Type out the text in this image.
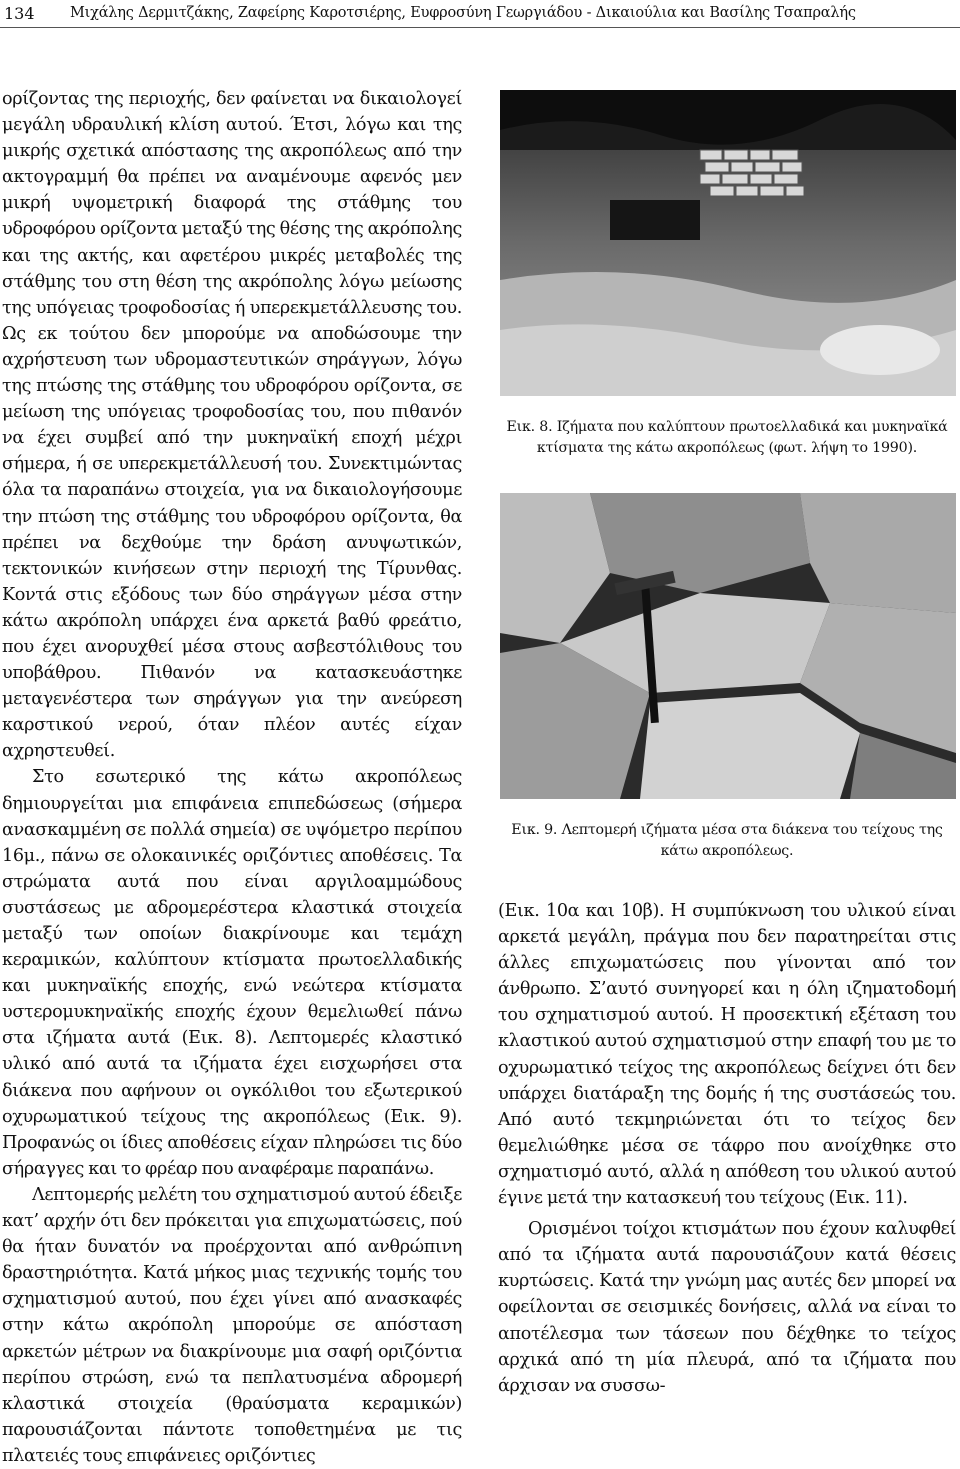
134 Μιχάλης Δερμιτζάκης, Ζαφείρης Καροτσιέρης, Ευφροσύνη Γεωργιάδου - Δικαιούλια και Βασίλης Τσαπραλής

ορίζοντας της περιοχής, δεν φαίνεται να δικαιολογεί μεγάλη υδραυλική κλίση αυτού. Έτσι, λόγω και της μικρής σχετικά απόστασης της ακροπόλεως από την ακτογραμμή θα πρέπει να αναμένουμε αφενός μεν μικρή υψομετρική διαφορά της στάθμης του υδροφόρου ορίζοντα μεταξύ της θέσης της ακρόπολης και της ακτής, και αφετέρου μικρές μεταβολές της στάθμης του στη θέση της ακρόπολης λόγω μείωσης της υπόγειας τροφοδοσίας ή υπερεκμετάλλευσης του. Ως εκ τούτου δεν μπορούμε να αποδώσουμε την αχρήστευση των υδρομαστευτικών σηράγγων, λόγω της πτώσης της στάθμης του υδροφόρου ορίζοντα, σε μείωση της υπόγειας τροφοδοσίας του, που πιθανόν να έχει συμβεί από την μυκηναϊκή εποχή μέχρι σήμερα, ή σε υπερεκμετάλλευσή του. Συνεκτιμώντας όλα τα παραπάνω στοιχεία, για να δικαιολογήσουμε την πτώση της στάθμης του υδροφόρου ορίζοντα, θα πρέπει να δεχθούμε την δράση ανυψωτικών, τεκτονικών κινήσεων στην περιοχή της Τίρυνθας. Κοντά στις εξόδους των δύο σηράγγων μέσα στην κάτω ακρόπολη υπάρχει ένα αρκετά βαθύ φρεάτιο, που έχει ανορυχθεί μέσα στους ασβεστόλιθους του υποβάθρου. Πιθανόν να κατασκευάστηκε μεταγενέστερα των σηράγγων για την ανεύρεση καρστικού νερού, όταν πλέον αυτές είχαν αχρηστευθεί.

Στο εσωτερικό της κάτω ακροπόλεως δημιουργείται μια επιφάνεια επιπεδώσεως (σήμερα ανασκαμμένη σε πολλά σημεία) σε υψόμετρο περίπου 16μ., πάνω σε ολοκαινικές οριζόντιες αποθέσεις. Τα στρώματα αυτά που είναι αργιλοαμμώδους συστάσεως με αδρομερέστερα κλαστικά στοιχεία μεταξύ των οποίων διακρίνουμε και τεμάχη κεραμικών, καλύπτουν κτίσματα πρωτοελλαδικής και μυκηναϊκής εποχής, ενώ νεώτερα κτίσματα υστερομυκηναϊκής εποχής έχουν θεμελιωθεί πάνω στα ιζήματα αυτά (Εικ. 8). Λεπτομερές κλαστικό υλικό από αυτά τα ιζήματα έχει εισχωρήσει στα διάκενα που αφήνουν οι ογκόλιθοι του εξωτερικού οχυρωματικού τείχους της ακροπόλεως (Εικ. 9). Προφανώς οι ίδιες αποθέσεις είχαν πληρώσει τις δύο σήραγγες και το φρέαρ που αναφέραμε παραπάνω.

Λεπτομερής μελέτη του σχηματισμού αυτού έδειξε κατ’ αρχήν ότι δεν πρόκειται για επιχωματώσεις, πού θα ήταν δυνατόν να προέρχονται από ανθρώπινη δραστηριότητα. Κατά μήκος μιας τεχνικής τομής του σχηματισμού αυτού, που έχει γίνει από ανασκαφές στην κάτω ακρόπολη μπορούμε σε απόσταση αρκετών μέτρων να διακρίνουμε μια σαφή οριζόντια περίπου στρώση, ενώ τα πεπλατυσμένα αδρομερή κλαστικά στοιχεία (θραύσματα κεραμικών) παρουσιάζονται πάντοτε τοποθετημένα με τις πλατειές τους επιφάνειες οριζόντιες

Εικ. 8. Ιζήματα που καλύπτουν πρωτοελλαδικά και μυκηναϊκά κτίσματα της κάτω ακροπόλεως (φωτ. λήψη το 1990).
Εικ. 9. Λεπτομερή ιζήματα μέσα στα διάκενα του τείχους της κάτω ακροπόλεως.

(Εικ. 10α και 10β). Η συμπύκνωση του υλικού είναι αρκετά μεγάλη, πράγμα που δεν παρατηρείται στις άλλες επιχωματώσεις που γίνονται από τον άνθρωπο. Σ’αυτό συνηγορεί και η όλη ιζηματοδομή του σχηματισμού αυτού. Η προσεκτική εξέταση του κλαστικού αυτού σχηματισμού στην επαφή του με το οχυρωματικό τείχος της ακροπόλεως δείχνει ότι δεν υπάρχει διατάραξη της δομής ή της συστάσεώς του. Από αυτό τεκμηριώνεται ότι το τείχος δεν θεμελιώθηκε μέσα σε τάφρο που ανοίχθηκε στο σχηματισμό αυτό, αλλά η απόθεση του υλικού αυτού έγινε μετά την κατασκευή του τείχους (Εικ. 11).

Ορισμένοι τοίχοι κτισμάτων που έχουν καλυφθεί από τα ιζήματα αυτά παρουσιάζουν κατά θέσεις κυρτώσεις. Κατά την γνώμη μας αυτές δεν μπορεί να οφείλονται σε σεισμικές δονήσεις, αλλά να είναι το αποτέλεσμα των τάσεων που δέχθηκε το τείχος αρχικά από τη μία πλευρά, από τα ιζήματα που άρχισαν να συσσω-
